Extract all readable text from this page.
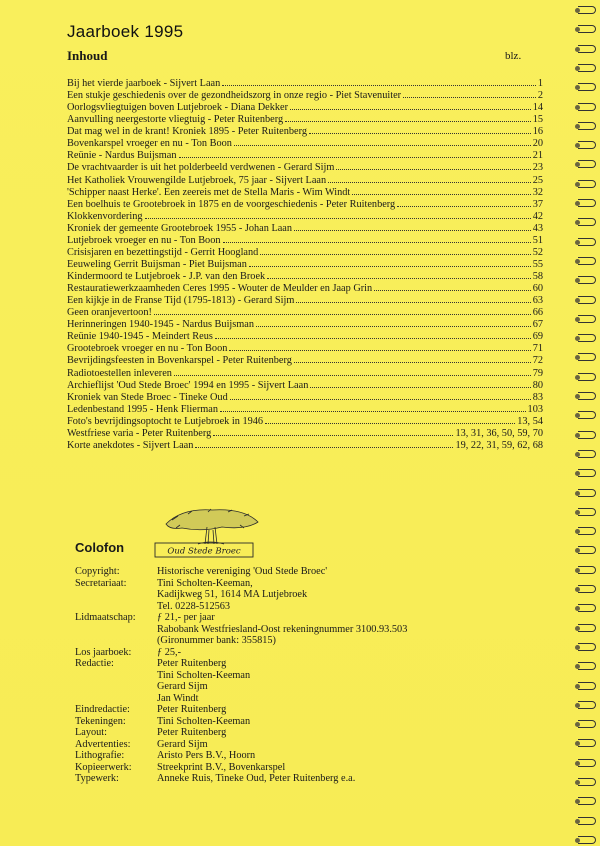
Jaarboek 1995
Inhoud	blz.
Bij het vierde jaarboek - Sijvert Laan	1
Een stukje geschiedenis over de gezondheidszorg in onze regio - Piet Stavenuiter	2
Oorlogsvliegtuigen boven Lutjebroek - Diana Dekker	14
Aanvulling neergestorte vliegtuig - Peter Ruitenberg	15
Dat mag wel in de krant! Kroniek 1895 - Peter Ruitenberg	16
Bovenkarspel vroeger en nu - Ton Boon	20
Reünie - Nardus Buijsman	21
De vrachtvaarder is uit het polderbeeld verdwenen - Gerard Sijm	23
Het Katholiek Vrouwengilde Lutjebroek, 75 jaar - Sijvert Laan	25
'Schipper naast Herke'. Een zeereis met de Stella Maris - Wim Windt	32
Een boelhuis te Grootebroek in 1875 en de voorgeschiedenis - Peter Ruitenberg	37
Klokkenvordering	42
Kroniek der gemeente Grootebroek 1955 - Johan Laan	43
Lutjebroek vroeger en nu - Ton Boon	51
Crisisjaren en bezettingstijd - Gerrit Hoogland	52
Eeuweling Gerrit Buijsman - Piet Buijsman	55
Kindermoord te Lutjebroek - J.P. van den Broek	58
Restauratiewerkzaamheden Ceres 1995 - Wouter de Meulder en Jaap Grin	60
Een kijkje in de Franse Tijd (1795-1813) - Gerard Sijm	63
Geen oranjevertoon!	66
Herinneringen 1940-1945 - Nardus Buijsman	67
Reünie 1940-1945 - Meindert Reus	69
Grootebroek vroeger en nu - Ton Boon	71
Bevrijdingsfeesten in Bovenkarspel - Peter Ruitenberg	72
Radiotoestellen inleveren	79
Archieflijst 'Oud Stede Broec' 1994 en 1995 - Sijvert Laan	80
Kroniek van Stede Broec - Tineke Oud	83
Ledenbestand 1995 - Henk Flierman	103
Foto's bevrijdingsoptocht te Lutjebroek in 1946	13, 54
Westfriese varia - Peter Ruitenberg	13, 31, 36, 50, 59, 70
Korte anekdotes - Sijvert Laan	19, 22, 31, 59, 62, 68
Oud Stede Broec
Colofon
Copyright:	Historische vereniging 'Oud Stede Broec'
Secretariaat:	Tini Scholten-Keeman,
Kadijkweg 51, 1614 MA Lutjebroek
Tel. 0228-512563
Lidmaatschap:	ƒ 21,- per jaar
Rabobank Westfriesland-Oost rekeningnummer 3100.93.503
(Gironummer bank: 355815)
Los jaarboek:	ƒ 25,-
Redactie:	Peter Ruitenberg
Tini Scholten-Keeman
Gerard Sijm
Jan Windt
Eindredactie:	Peter Ruitenberg
Tekeningen:	Tini Scholten-Keeman
Layout:	Peter Ruitenberg
Advertenties:	Gerard Sijm
Lithografie:	Aristo Pers B.V., Hoorn
Kopieerwerk:	Streekprint B.V., Bovenkarspel
Typewerk:	Anneke Ruis, Tineke Oud, Peter Ruitenberg e.a.
